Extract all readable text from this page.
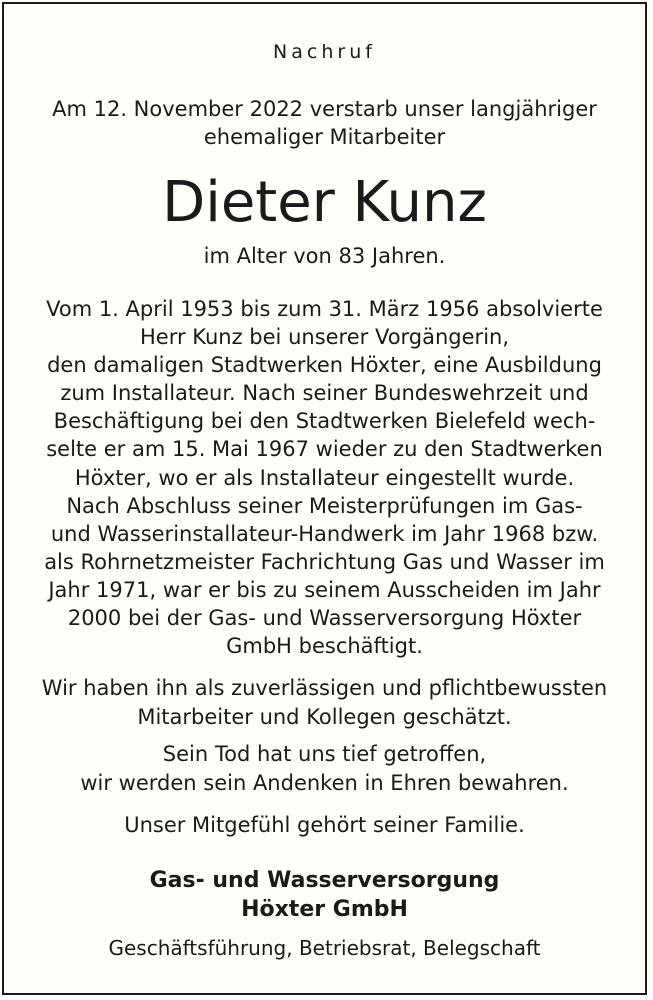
Nachruf
Am 12. November 2022 verstarb unser langjähriger
ehemaliger Mitarbeiter
Dieter Kunz
im Alter von 83 Jahren.
Vom 1. April 1953 bis zum 31. März 1956 absolvierte
Herr Kunz bei unserer Vorgängerin,
den damaligen Stadtwerken Höxter, eine Ausbildung
zum Installateur. Nach seiner Bundeswehrzeit und
Beschäftigung bei den Stadtwerken Bielefeld wech-
selte er am 15. Mai 1967 wieder zu den Stadtwerken
Höxter, wo er als Installateur eingestellt wurde.
Nach Abschluss seiner Meisterprüfungen im Gas-
und Wasserinstallateur-Handwerk im Jahr 1968 bzw.
als Rohrnetzmeister Fachrichtung Gas und Wasser im
Jahr 1971, war er bis zu seinem Ausscheiden im Jahr
2000 bei der Gas- und Wasserversorgung Höxter
GmbH beschäftigt.
Wir haben ihn als zuverlässigen und pflichtbewussten
Mitarbeiter und Kollegen geschätzt.
Sein Tod hat uns tief getroffen,
wir werden sein Andenken in Ehren bewahren.
Unser Mitgefühl gehört seiner Familie.
Gas- und Wasserversorgung
Höxter GmbH
Geschäftsführung, Betriebsrat, Belegschaft
